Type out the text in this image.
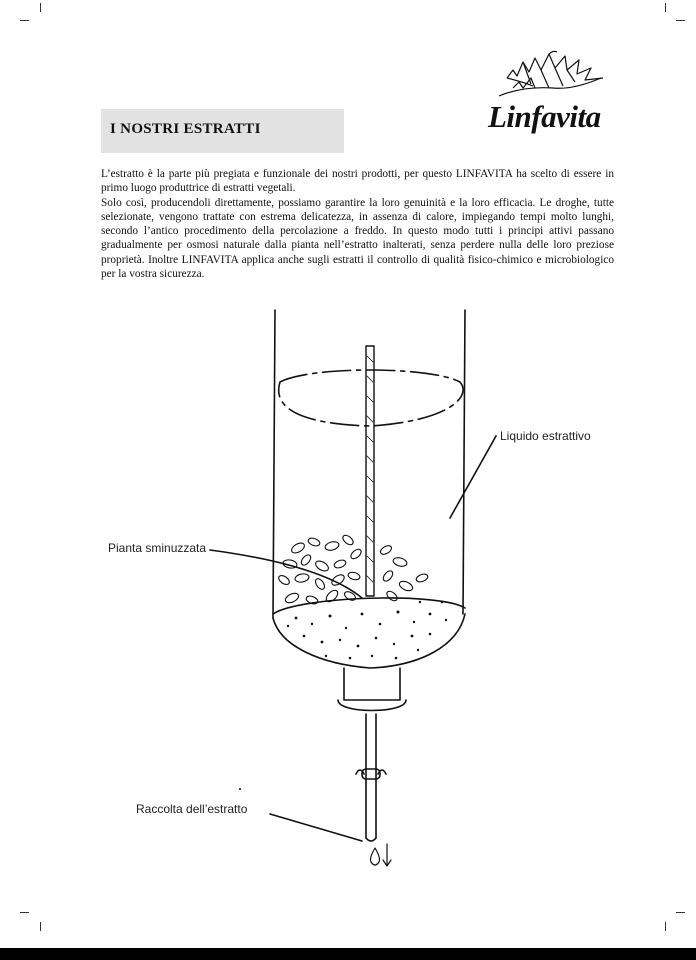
Linfavita
I NOSTRI ESTRATTI

L’estratto è la parte più pregiata e funzionale dei nostri prodotti, per questo LINFAVITA ha scelto di essere in primo luogo produttrice di estratti vegetali.

Solo così, producendoli direttamente, possiamo garantire la loro genuinità e la loro efficacia. Le droghe, tutte selezionate, vengono trattate con estrema delicatezza, in assenza di calore, impiegando tempi molto lunghi, secondo l’antico procedimento della percolazione a freddo. In questo modo tutti i principi attivi passano gradualmente per osmosi naturale dalla pianta nell’estratto inalterati, senza perdere nulla delle loro preziose proprietà. Inoltre LINFAVITA applica anche sugli estratti il controllo di qualità fisico-chimico e microbiologico per la vostra sicurezza.

Liquido estrattivo
Pianta sminuzzata
Raccolta dell’estratto
